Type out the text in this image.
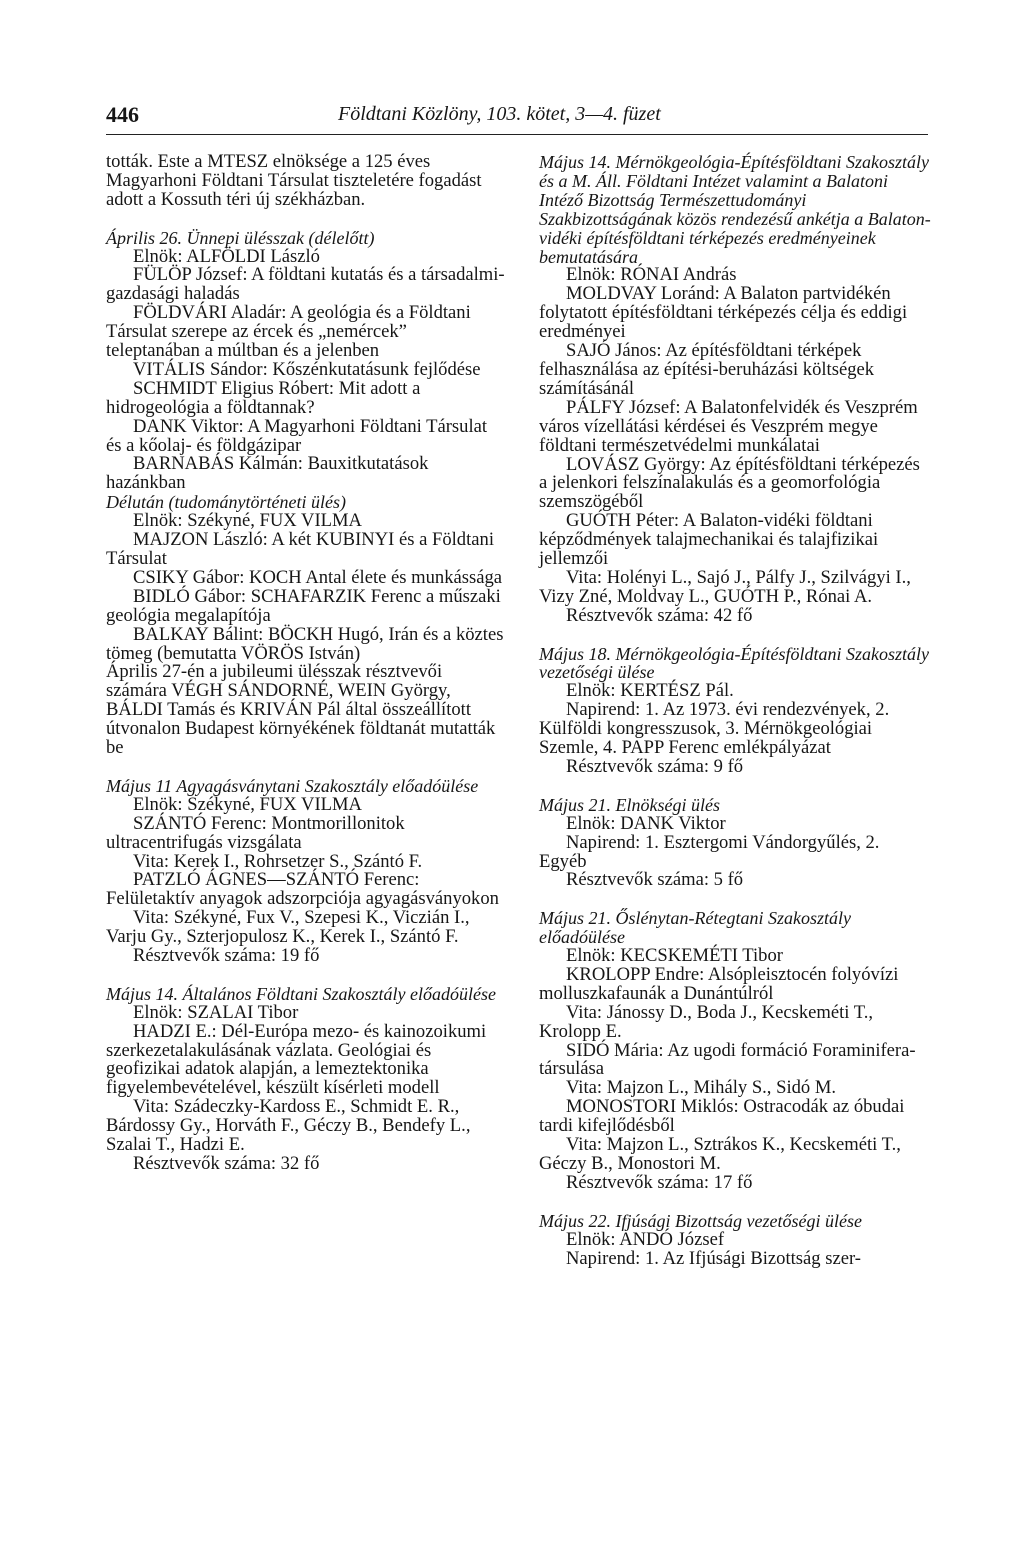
446	Földtani Közlöny, 103. kötet, 3—4. füzet
tották. Este a MTESZ elnöksége a 125 éves Magyarhoni Földtani Társulat tiszteletére fogadást adott a Kossuth téri új székházban.
Április 26. Ünnepi ülésszak (délelőtt)
Elnök: ALFÖLDI László
FÜLÖP József: A földtani kutatás és a társadalmi-gazdasági haladás
FÖLDVÁRI Aladár: A geológia és a Földtani Társulat szerepe az ércek és „nemércek” teleptanában a múltban és a jelenben
VITÁLIS Sándor: Kőszénkutatásunk fejlődése
SCHMIDT Eligius Róbert: Mit adott a hidrogeológia a földtannak?
DANK Viktor: A Magyarhoni Földtani Társulat és a kőolaj- és földgázipar
BARNABÁS Kálmán: Bauxitkutatások hazánkban
Délután (tudománytörténeti ülés)
Elnök: Székyné, FUX VILMA
MAJZON László: A két KUBINYI és a Földtani Társulat
CSIKY Gábor: KOCH Antal élete és munkássága
BIDLÓ Gábor: SCHAFARZIK Ferenc a műszaki geológia megalapítója
BALKAY Bálint: BÖCKH Hugó, Irán és a köztes tömeg (bemutatta VÖRÖS István)
Április 27-én a jubileumi ülésszak résztvevői számára VÉGH SÁNDORNÉ, WEIN György, BÁLDI Tamás és KRIVÁN Pál által összeállított útvonalon Budapest környékének földtanát mutatták be
Május 11 Agyagásványtani Szakosztály előadóülése
Elnök: Székyné, FUX VILMA
SZÁNTÓ Ferenc: Montmorillonitok ultracentrifugás vizsgálata
Vita: Kerek I., Rohrsetzer S., Szántó F.
PATZLÓ ÁGNES—SZÁNTÓ Ferenc: Felületaktív anyagok adszorpciója agyagásványokon
Vita: Székyné, Fux V., Szepesi K., Viczián I., Varju Gy., Szterjopulosz K., Kerek I., Szántó F.
Résztvevők száma: 19 fő
Május 14. Általános Földtani Szakosztály előadóülése
Elnök: SZALAI Tibor
HADZI E.: Dél-Európa mezo- és kainozoikumi szerkezetalakulásának vázlata. Geológiai és geofizikai adatok alapján, a lemeztektonika figyelembevételével, készült kísérleti modell
Vita: Szádeczky-Kardoss E., Schmidt E. R., Bárdossy Gy., Horváth F., Géczy B., Bendefy L., Szalai T., Hadzi E.
Résztvevők száma: 32 fő
Május 14. Mérnökgeológia-Építésföldtani Szakosztály és a M. Áll. Földtani Intézet valamint a Balatoni Intéző Bizottság Természettudományi Szakbizottságának közös rendezésű ankétja a Balaton-vidéki építésföldtani térképezés eredményeinek bemutatására
Elnök: RÓNAI András
MOLDVAY Loránd: A Balaton partvidékén folytatott építésföldtani térképezés célja és eddigi eredményei
SAJÓ János: Az építésföldtani térképek felhasználása az építési-beruházási költségek számításánál
PÁLFY József: A Balatonfelvidék és Veszprém város vízellátási kérdései és Veszprém megye földtani természetvédelmi munkálatai
LOVÁSZ György: Az építésföldtani térképezés a jelenkori felszínalakulás és a geomorfológia szemszögéből
GUÓTH Péter: A Balaton-vidéki földtani képződmények talajmechanikai és talajfizikai jellemzői
Vita: Holényi L., Sajó J., Pálfy J., Szilvágyi I., Vizy Zné, Moldvay L., GUÓTH P., Rónai A.
Résztvevők száma: 42 fő
Május 18. Mérnökgeológia-Építésföldtani Szakosztály vezetőségi ülése
Elnök: KERTÉSZ Pál.
Napirend: 1. Az 1973. évi rendezvények, 2. Külföldi kongresszusok, 3. Mérnökgeológiai Szemle, 4. PAPP Ferenc emlékpályázat
Résztvevők száma: 9 fő
Május 21. Elnökségi ülés
Elnök: DANK Viktor
Napirend: 1. Esztergomi Vándorgyűlés, 2. Egyéb
Résztvevők száma: 5 fő
Május 21. Őslénytan-Rétegtani Szakosztály előadóülése
Elnök: KECSKEMÉTI Tibor
KROLOPP Endre: Alsópleisztocén folyóvízi molluszkafaunák a Dunántúlról
Vita: Jánossy D., Boda J., Kecskeméti T., Krolopp E.
SIDÓ Mária: Az ugodi formáció Foraminifera-társulása
Vita: Majzon L., Mihály S., Sidó M.
MONOSTORI Miklós: Ostracodák az óbudai tardi kifejlődésből
Vita: Majzon L., Sztrákos K., Kecskeméti T., Géczy B., Monostori M.
Résztvevők száma: 17 fő
Május 22. Ifjúsági Bizottság vezetőségi ülése
Elnök: ANDÓ József
Napirend: 1. Az Ifjúsági Bizottság szer-
